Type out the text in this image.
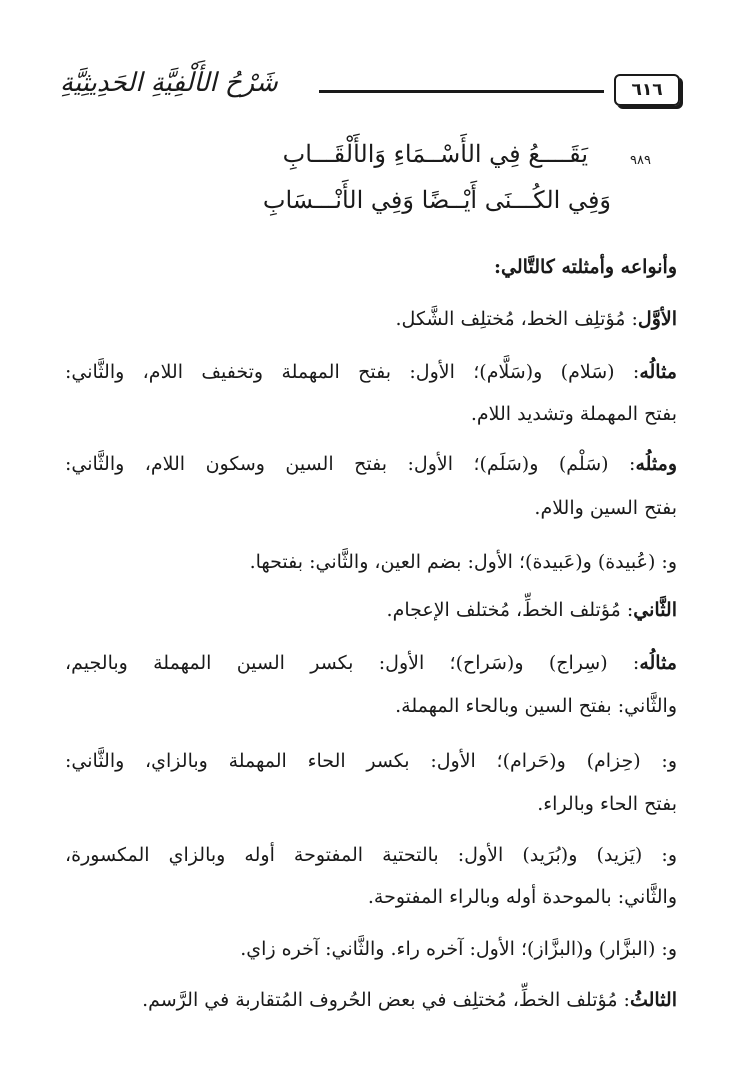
٦١٦
شَرْحُ الأَلْفِيَّةِ الحَدِيثِيَّةِ
٩٨٩
يَقَــــعُ فِي الأَسْــمَاءِ وَالأَلْقَـــابِ
وَفِي الكُـــنَى أَيْــضًا وَفِي الأَنْـــسَابِ
وأنواعه وأمثلته كالتَّالي:
الأوَّل: مُؤتلِف الخط، مُختلِف الشَّكل.
مثالُه: (سَلام) و(سَلَّام)؛ الأول: بفتح المهملة وتخفيف اللام، والثَّاني:
بفتح المهملة وتشديد اللام.
ومثلُه: (سَلْم) و(سَلَم)؛ الأول: بفتح السين وسكون اللام، والثَّاني:
بفتح السين واللام.
و: (عُبيدة) و(عَبيدة)؛ الأول: بضم العين، والثَّاني: بفتحها.
الثَّاني: مُؤتلف الخطِّ، مُختلف الإعجام.
مثالُه: (سِراج) و(سَراح)؛ الأول: بكسر السين المهملة وبالجيم،
والثَّاني: بفتح السين وبالحاء المهملة.
و: (حِزام) و(حَرام)؛ الأول: بكسر الحاء المهملة وبالزاي، والثَّاني:
بفتح الحاء وبالراء.
و: (يَزيد) و(بُرَيد) الأول: بالتحتية المفتوحة أوله وبالزاي المكسورة،
والثَّاني: بالموحدة أوله وبالراء المفتوحة.
و: (البزَّار) و(البزَّاز)؛ الأول: آخره راء. والثَّاني: آخره زاي.
الثالثُ: مُؤتلف الخطِّ، مُختلِف في بعض الحُروف المُتقاربة في الرَّسم.
